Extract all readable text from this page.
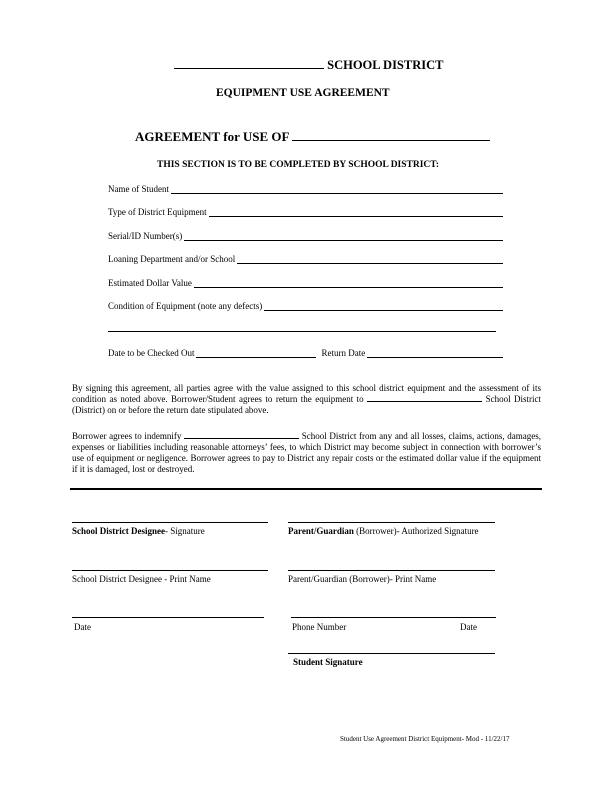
SCHOOL DISTRICT
EQUIPMENT USE AGREEMENT
AGREEMENT for USE OF
THIS SECTION IS TO BE COMPLETED BY SCHOOL DISTRICT:
Name of Student
Type of District Equipment
Serial/ID Number(s)
Loaning Department and/or School
Estimated Dollar Value
Condition of Equipment (note any defects)
Date to be Checked Out	Return Date
By signing this agreement, all parties agree with the value assigned to this school district equipment and the assessment of its condition as noted above. Borrower/Student agrees to return the equipment to	School District (District) on or before the return date stipulated above.
Borrower agrees to indemnify	School District from any and all losses, claims, actions, damages, expenses or liabilities including reasonable attorneys’ fees, to which District may become subject in connection with borrower’s use of equipment or negligence. Borrower agrees to pay to District any repair costs or the estimated dollar value if the equipment if it is damaged, lost or destroyed.
School District Designee- Signature	Parent/Guardian (Borrower)- Authorized Signature
School District Designee - Print Name	Parent/Guardian (Borrower)- Print Name
Date	Phone Number	Date
Student Signature
Student Use Agreement District Equipment- Mod - 11/22/17
